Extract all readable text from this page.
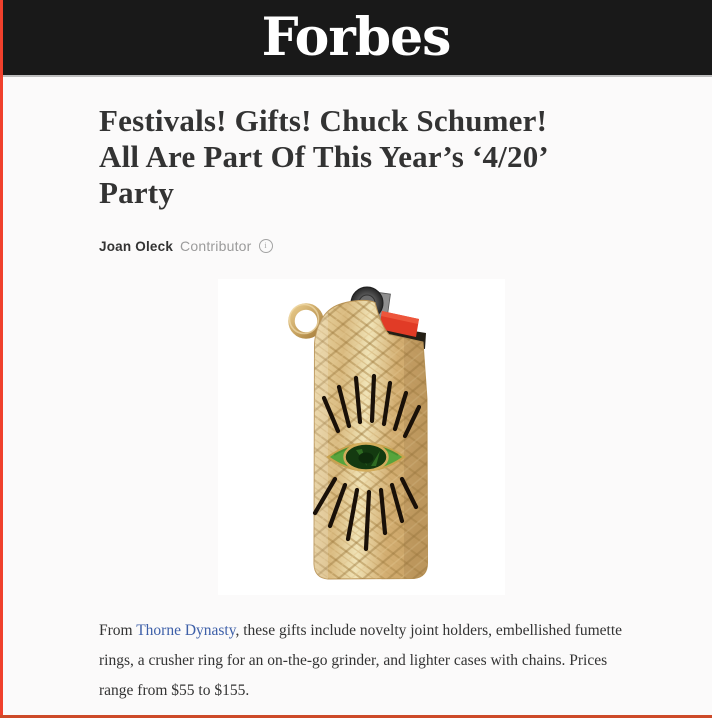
Forbes
Festivals! Gifts! Chuck Schumer!
All Are Part Of This Year’s ‘4/20’
Party
Joan Oleck Contributor	i

From Thorne Dynasty, these gifts include novelty joint holders, embellished fumette rings, a crusher ring for an on-the-go grinder, and lighter cases with chains. Prices range from $55 to $155.
